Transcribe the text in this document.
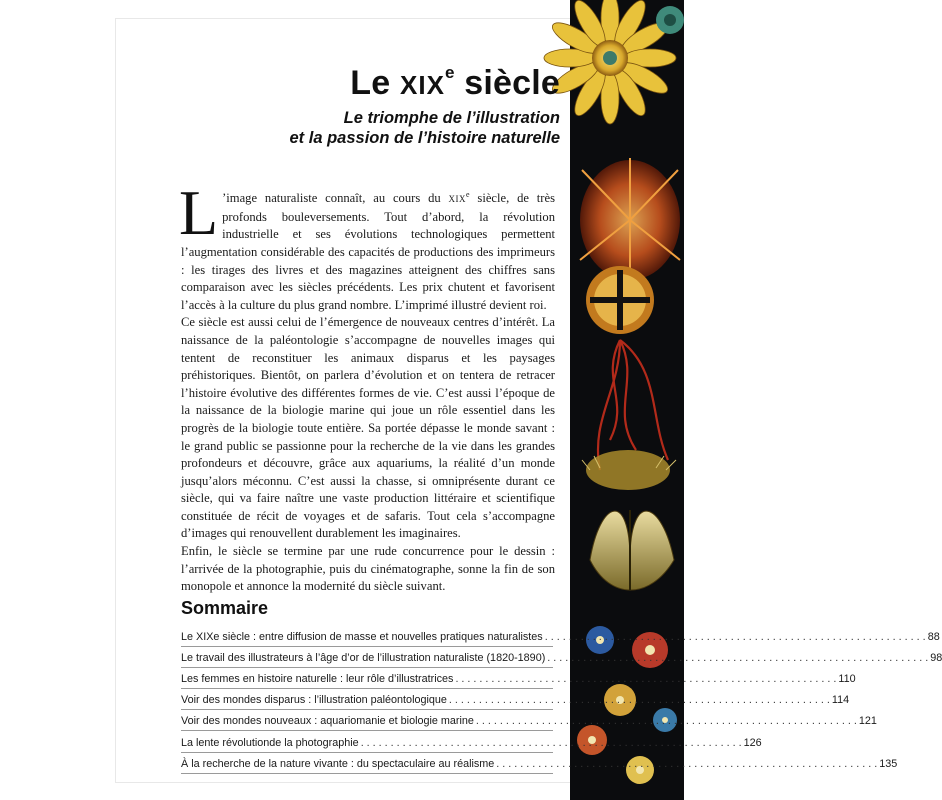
Le XIXe siècle
Le triomphe de l’illustration
et la passion de l’histoire naturelle

L ’image naturaliste connaît, au cours du XIXe siècle, de très profonds bouleversements. Tout d’abord, la révolution industrielle et ses évolutions technologiques permettent l’augmentation considérable des capacités de productions des imprimeurs : les tirages des livres et des magazines atteignent des chiffres sans comparaison avec les siècles précédents. Les prix chutent et favorisent l’accès à la culture du plus grand nombre. L’imprimé illustré devient roi.

Ce siècle est aussi celui de l’émergence de nouveaux centres d’intérêt. La naissance de la paléontologie s’accompagne de nouvelles images qui tentent de reconstituer les animaux disparus et les paysages préhistoriques. Bientôt, on parlera d’évolution et on tentera de retracer l’histoire évolutive des différentes formes de vie. C’est aussi l’époque de la naissance de la biologie marine qui joue un rôle essentiel dans les progrès de la biologie toute entière. Sa portée dépasse le monde savant : le grand public se passionne pour la recherche de la vie dans les grandes profondeurs et découvre, grâce aux aquariums, la réalité d’un monde jusqu’alors méconnu. C’est aussi la chasse, si omniprésente durant ce siècle, qui va faire naître une vaste production littéraire et scientifique constituée de récit de voyages et de safaris. Tout cela s’accompagne d’images qui renouvellent durablement les imaginaires.

Enfin, le siècle se termine par une rude concurrence pour le dessin : l’arrivée de la photographie, puis du cinématographe, sonne la fin de son monopole et annonce la modernité du siècle suivant.

Sommaire
Le XIXe siècle : entre diffusion de masse et nouvelles pratiques naturalistes . . .	88
Le travail des illustrateurs à l’âge d’or de l’illustration naturaliste (1820-1890) . . .	98
Les femmes en histoire naturelle : leur rôle d’illustratrices . . .	110
Voir des mondes disparus : l’illustration paléontologique . . .	114
Voir des mondes nouveaux : aquariomanie et biologie marine . . .	121
La lente révolutionde la photographie . . .	126
À la recherche de la nature vivante : du spectaculaire au réalisme . . .	135
